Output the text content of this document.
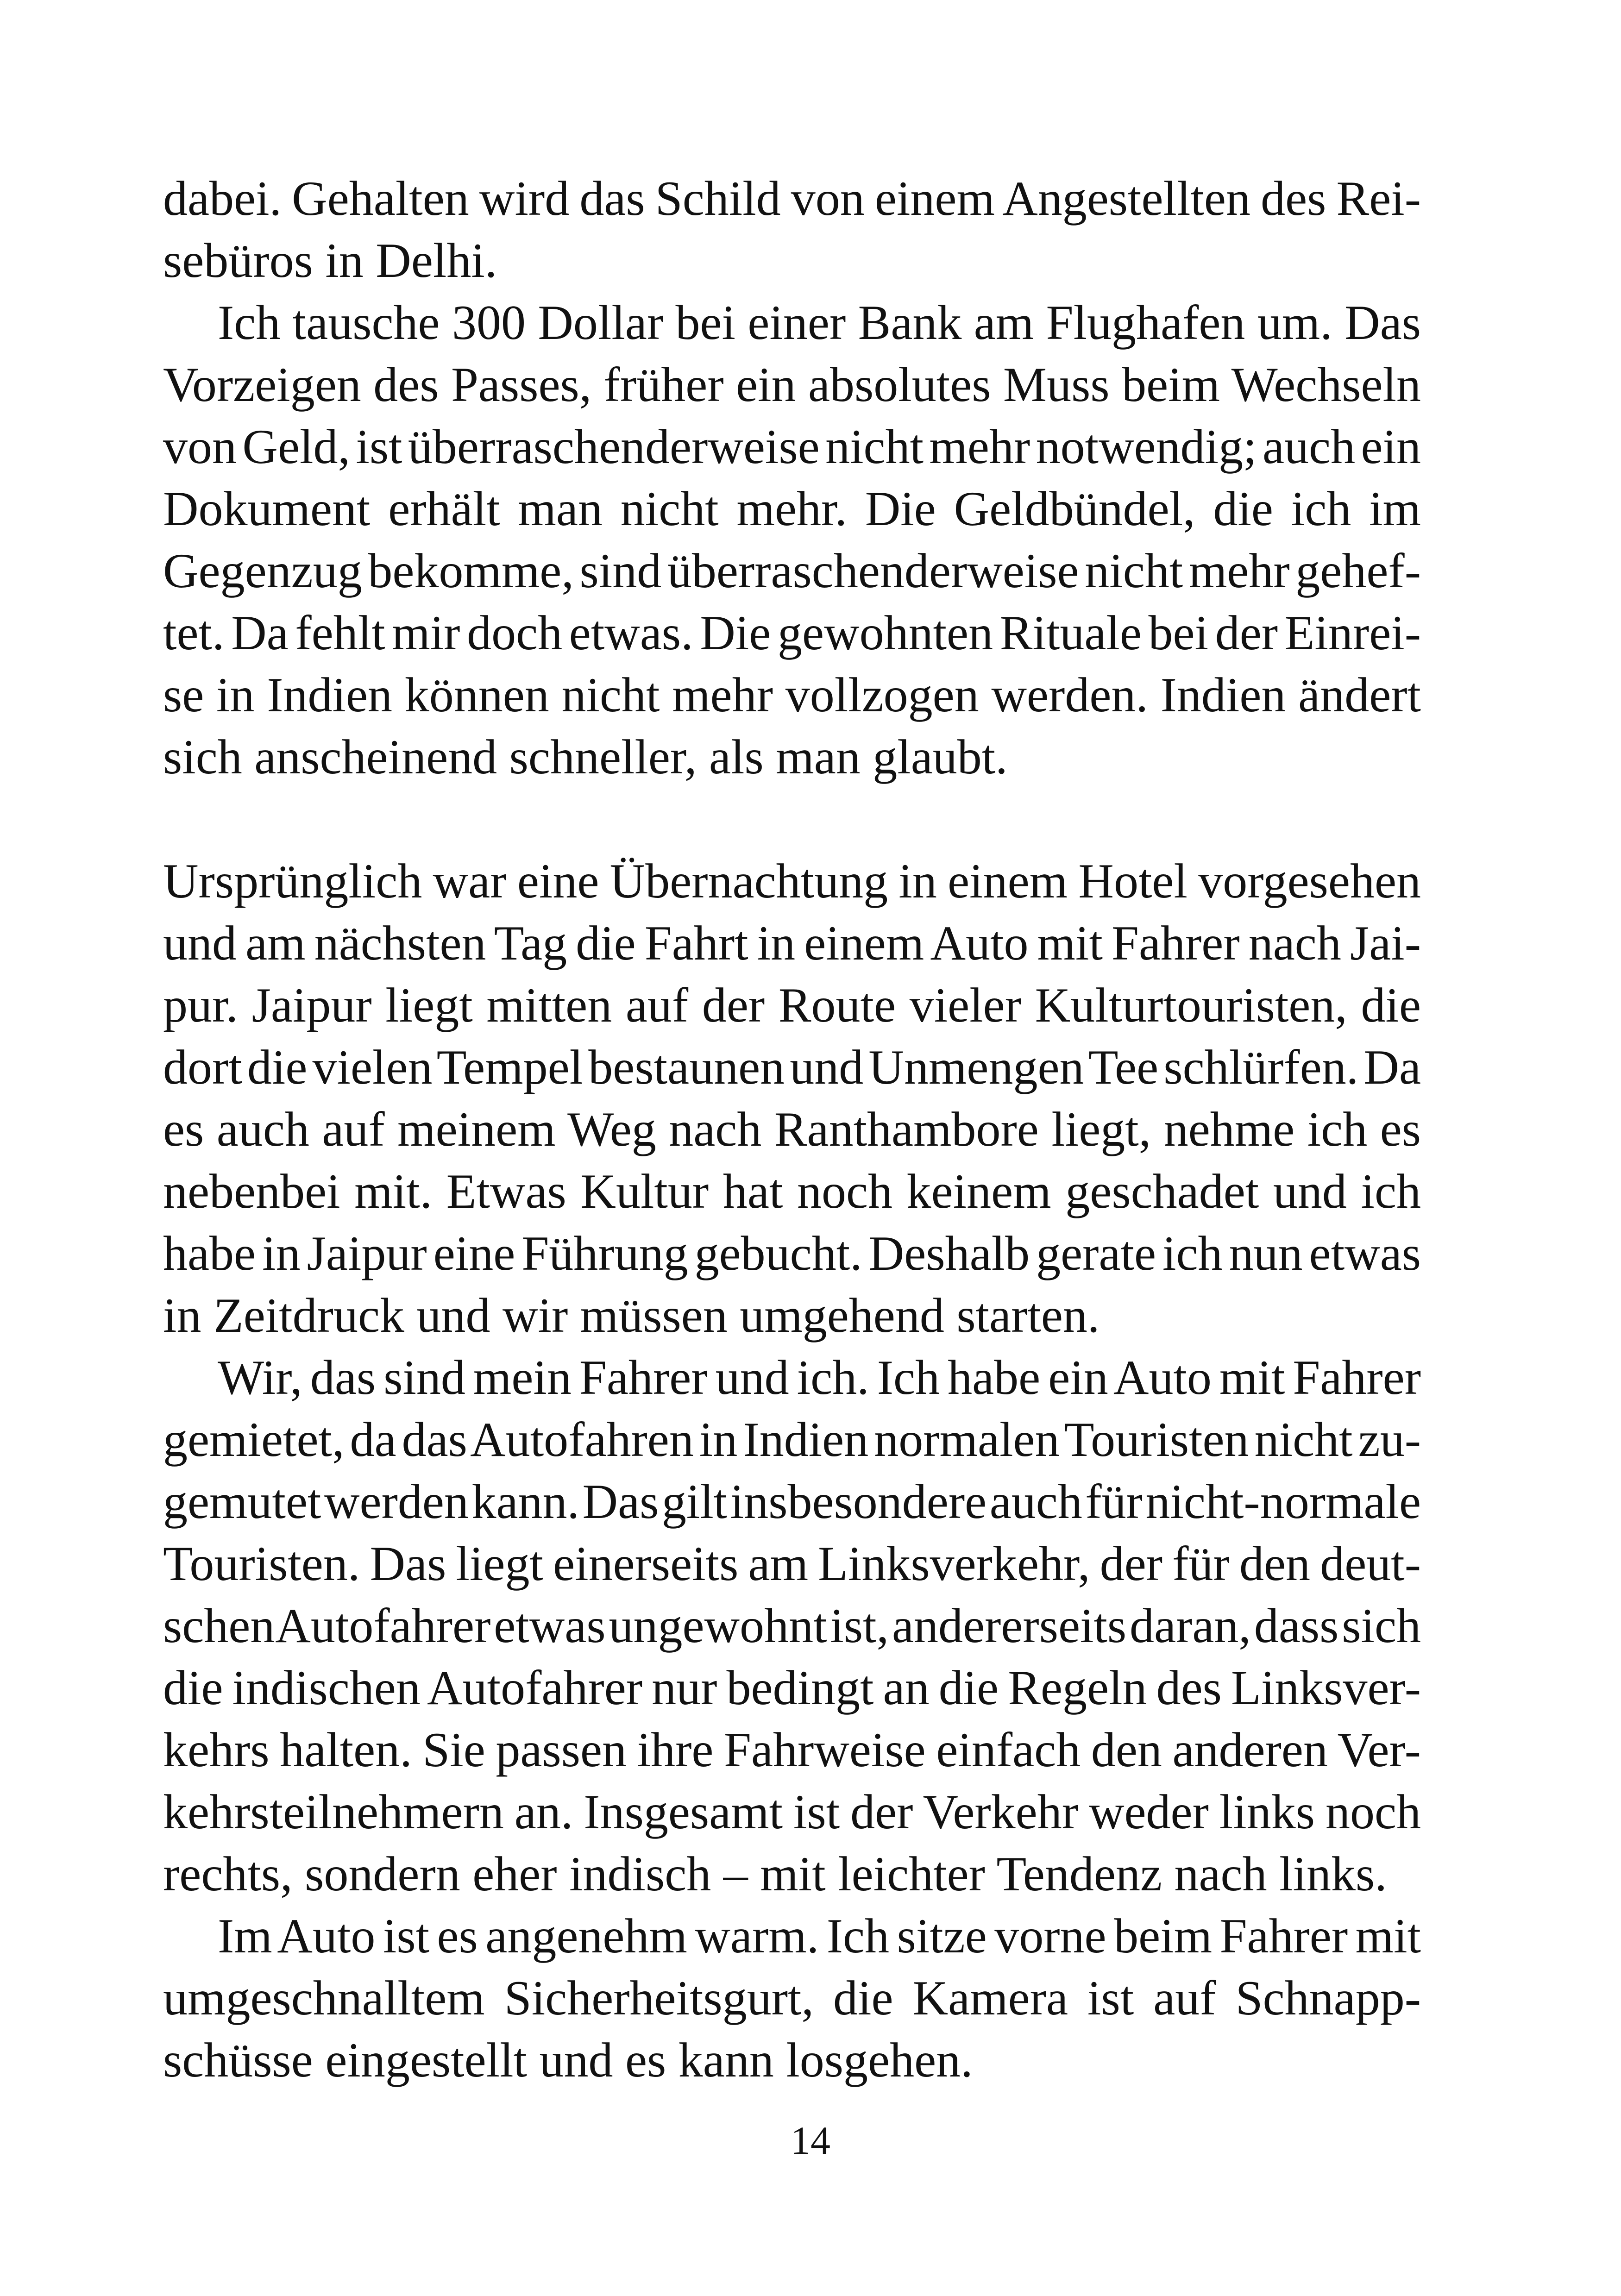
dabei. Gehalten wird das Schild von einem Angestellten des Rei-
sebüros in Delhi.
Ich tausche 300 Dollar bei einer Bank am Flughafen um. Das
Vorzeigen des Passes, früher ein absolutes Muss beim Wechseln
von Geld, ist überraschenderweise nicht mehr notwendig; auch ein
Dokument erhält man nicht mehr. Die Geldbündel, die ich im
Gegenzug bekomme, sind überraschenderweise nicht mehr gehef-
tet. Da fehlt mir doch etwas. Die gewohnten Rituale bei der Einrei-
se in Indien können nicht mehr vollzogen werden. Indien ändert
sich anscheinend schneller, als man glaubt.
Ursprünglich war eine Übernachtung in einem Hotel vorgesehen
und am nächsten Tag die Fahrt in einem Auto mit Fahrer nach Jai-
pur. Jaipur liegt mitten auf der Route vieler Kulturtouristen, die
dort die vielen Tempel bestaunen und Unmengen Tee schlürfen. Da
es auch auf meinem Weg nach Ranthambore liegt, nehme ich es
nebenbei mit. Etwas Kultur hat noch keinem geschadet und ich
habe in Jaipur eine Führung gebucht. Deshalb gerate ich nun etwas
in Zeitdruck und wir müssen umgehend starten.
Wir, das sind mein Fahrer und ich. Ich habe ein Auto mit Fahrer
gemietet, da das Autofahren in Indien normalen Touristen nicht zu-
gemutet werden kann. Das gilt insbesondere auch für nicht-normale
Touristen. Das liegt einerseits am Linksverkehr, der für den deut-
schen Autofahrer etwas ungewohnt ist, andererseits daran, dass sich
die indischen Autofahrer nur bedingt an die Regeln des Linksver-
kehrs halten. Sie passen ihre Fahrweise einfach den anderen Ver-
kehrsteilnehmern an. Insgesamt ist der Verkehr weder links noch
rechts, sondern eher indisch – mit leichter Tendenz nach links.
Im Auto ist es angenehm warm. Ich sitze vorne beim Fahrer mit
umgeschnalltem Sicherheitsgurt, die Kamera ist auf Schnapp-
schüsse eingestellt und es kann losgehen.
14
